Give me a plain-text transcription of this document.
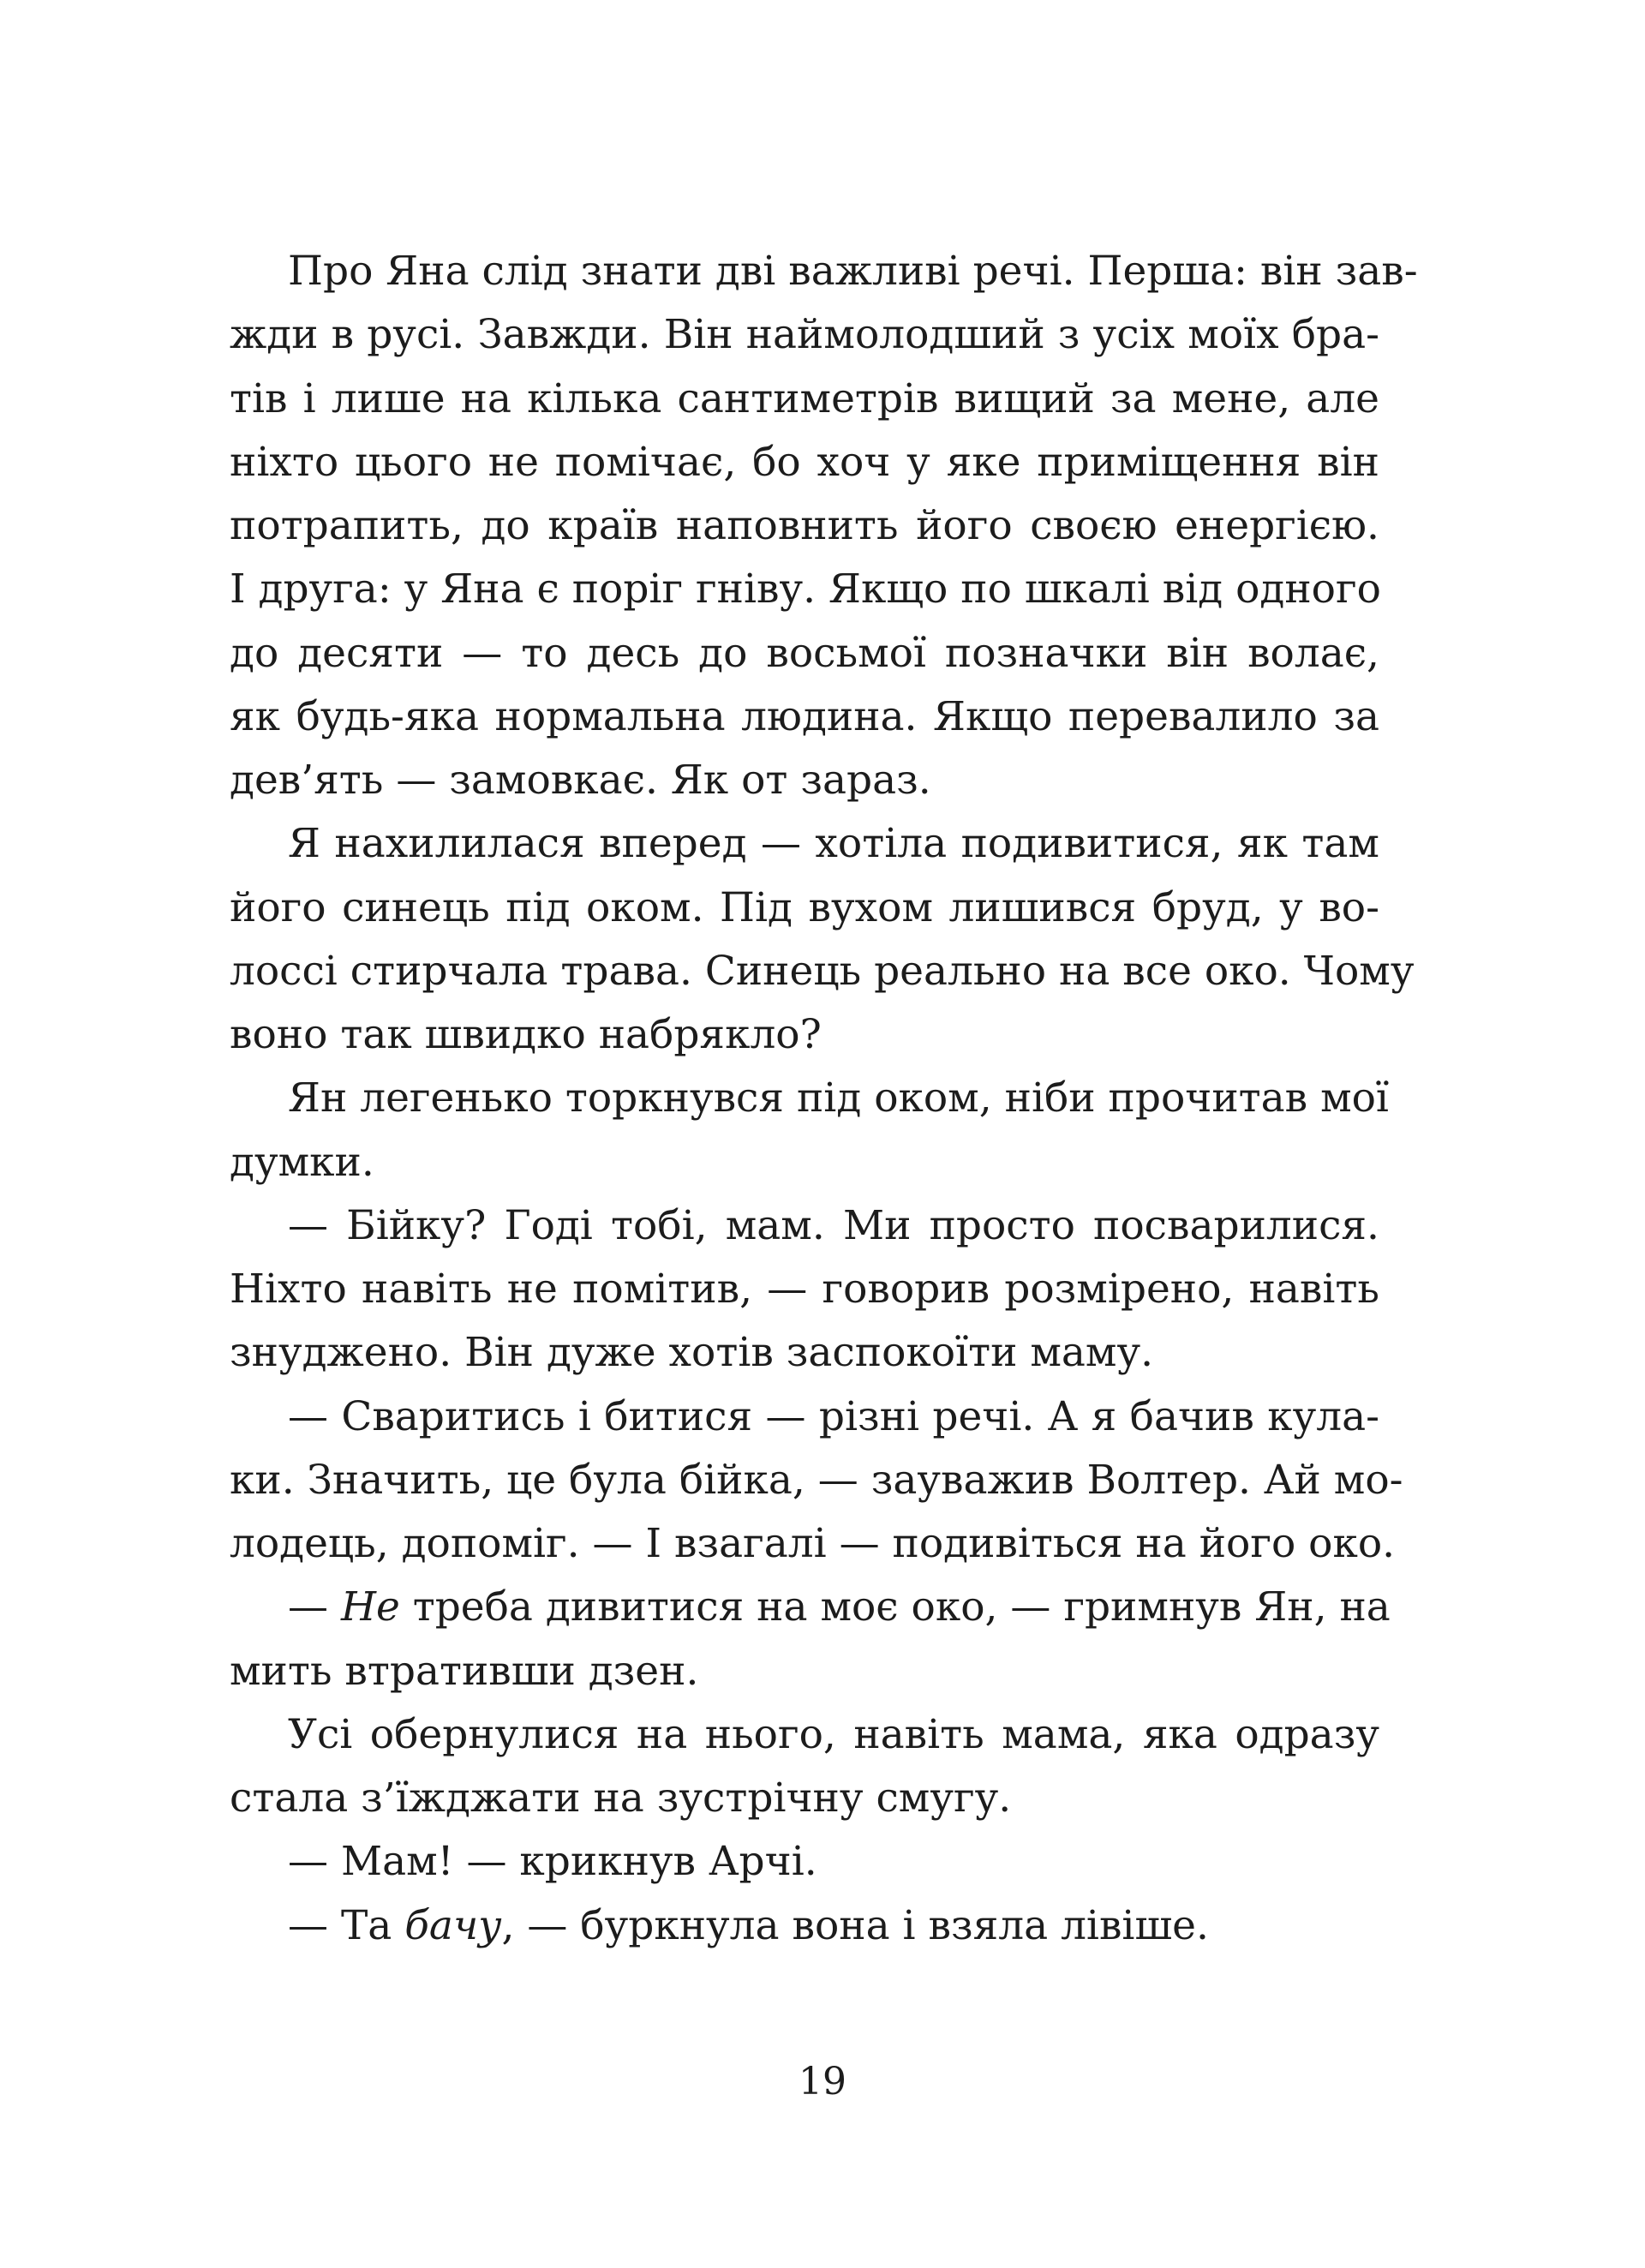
Про Яна слід знати дві важливі речі. Перша: він зав-
жди в русі. Завжди. Він наймолодший з усіх моїх бра-
тів і лише на кілька сантиметрів вищий за мене, але
ніхто цього не помічає, бо хоч у яке приміщення він
потрапить, до країв наповнить його своєю енергією.
І друга: у Яна є поріг гніву. Якщо по шкалі від одного
до десяти — то десь до восьмої позначки він волає,
як будь-яка нормальна людина. Якщо перевалило за
дев’ять — замовкає. Як от зараз.
Я нахилилася вперед — хотіла подивитися, як там
його синець під оком. Під вухом лишився бруд, у во-
лоссі стирчала трава. Синець реально на все око. Чому
воно так швидко набрякло?
Ян легенько торкнувся під оком, ніби прочитав мої
думки.
— Бійку? Годі тобі, мам. Ми просто посварилися.
Ніхто навіть не помітив, — говорив розмірено, навіть
знуджено. Він дуже хотів заспокоїти маму.
— Сваритись і битися — різні речі. А я бачив кула-
ки. Значить, це була бійка, — зауважив Волтер. Ай мо-
лодець, допоміг. — І взагалі — подивіться на його око.
— Не треба дивитися на моє око, — гримнув Ян, на
мить втративши дзен.
Усі обернулися на нього, навіть мама, яка одразу
стала з’їжджати на зустрічну смугу.
— Мам! — крикнув Арчі.
— Та бачу, — буркнула вона і взяла лівіше.
19
